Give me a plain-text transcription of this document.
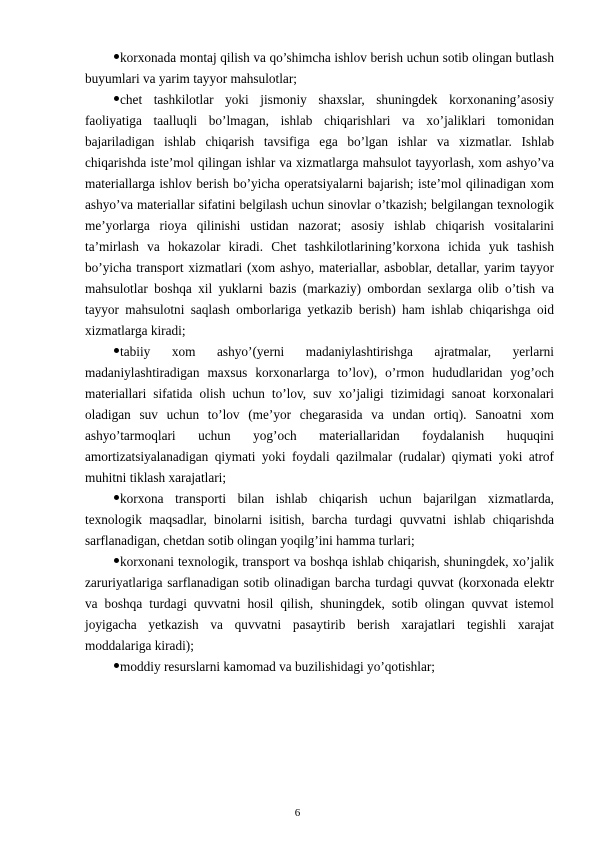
korxonada montaj qilish va qo’shimcha ishlov berish uchun sotib olingan butlash buyumlari va yarim tayyor mahsulotlar;

chet tashkilotlar yoki jismoniy shaxslar, shuningdek korxonaning’asosiy faoliyatiga taalluqli bo’lmagan, ishlab chiqarishlari va xo’jaliklari tomonidan bajariladigan ishlab chiqarish tavsifiga ega bo’lgan ishlar va xizmatlar. Ishlab chiqarishda iste’mol qilingan ishlar va xizmatlarga mahsulot tayyorlash, xom ashyo’va materiallarga ishlov berish bo’yicha operatsiyalarni bajarish; iste’mol qilinadigan xom ashyo’va materiallar sifatini belgilash uchun sinovlar o’tkazish; belgilangan texnologik me’yorlarga rioya qilinishi ustidan nazorat; asosiy ishlab chiqarish vositalarini ta’mirlash va hokazolar kiradi. Chet tashkilotlarining’korxona ichida yuk tashish bo’yicha transport xizmatlari (xom ashyo, materiallar, asboblar, detallar, yarim tayyor mahsulotlar boshqa xil yuklarni bazis (markaziy) ombordan sexlarga olib o’tish va tayyor mahsulotni saqlash omborlariga yetkazib berish) ham ishlab chiqarishga oid xizmatlarga kiradi;

tabiiy xom ashyo’(yerni madaniylashtirishga ajratmalar, yerlarni madaniylashtiradigan maxsus korxonarlarga to’lov), o’rmon hududlaridan yog’och materiallari sifatida olish uchun to’lov, suv xo’jaligi tizimidagi sanoat korxonalari oladigan suv uchun to’lov (me’yor chegarasida va undan ortiq). Sanoatni xom ashyo’tarmoqlari uchun yog’och materiallaridan foydalanish huquqini amortizatsiyalanadigan qiymati yoki foydali qazilmalar (rudalar) qiymati yoki atrof muhitni tiklash xarajatlari;

korxona transporti bilan ishlab chiqarish uchun bajarilgan xizmatlarda, texnologik maqsadlar, binolarni isitish, barcha turdagi quvvatni ishlab chiqarishda sarflanadigan, chetdan sotib olingan yoqilg’ini hamma turlari;

korxonani texnologik, transport va boshqa ishlab chiqarish, shuningdek, xo’jalik zaruriyatlariga sarflanadigan sotib olinadigan barcha turdagi quvvat (korxonada elektr va boshqa turdagi quvvatni hosil qilish, shuningdek, sotib olingan quvvat istemol joyigacha yetkazish va quvvatni pasaytirib berish xarajatlari tegishli xarajat moddalariga kiradi);

moddiy resurslarni kamomad va buzilishidagi yo’qotishlar;

6
